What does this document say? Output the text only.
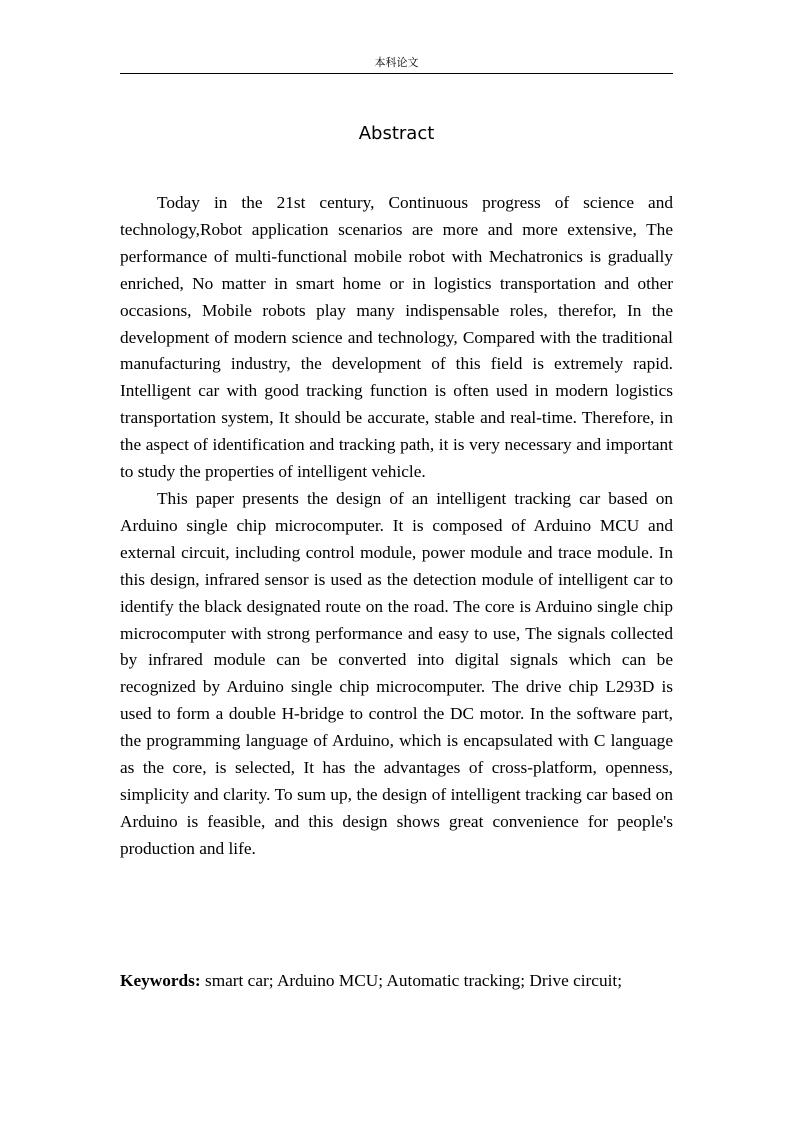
本科论文
Abstract

Today in the 21st century, Continuous progress of science and technology,Robot application scenarios are more and more extensive, The performance of multi-functional mobile robot with Mechatronics is gradually enriched, No matter in smart home or in logistics transportation and other occasions, Mobile robots play many indispensable roles, therefor, In the development of modern science and technology, Compared with the traditional manufacturing industry, the development of this field is extremely rapid. Intelligent car with good tracking function is often used in modern logistics transportation system, It should be accurate, stable and real-time. Therefore, in the aspect of identification and tracking path, it is very necessary and important to study the properties of intelligent vehicle.

This paper presents the design of an intelligent tracking car based on Arduino single chip microcomputer. It is composed of Arduino MCU and external circuit, including control module, power module and trace module. In this design, infrared sensor is used as the detection module of intelligent car to identify the black designated route on the road. The core is Arduino single chip microcomputer with strong performance and easy to use, The signals collected by infrared module can be converted into digital signals which can be recognized by Arduino single chip microcomputer. The drive chip L293D is used to form a double H-bridge to control the DC motor. In the software part, the programming language of Arduino, which is encapsulated with C language as the core, is selected, It has the advantages of cross-platform, openness, simplicity and clarity. To sum up, the design of intelligent tracking car based on Arduino is feasible, and this design shows great convenience for people's production and life.

Keywords: smart car; Arduino MCU; Automatic tracking; Drive circuit;
